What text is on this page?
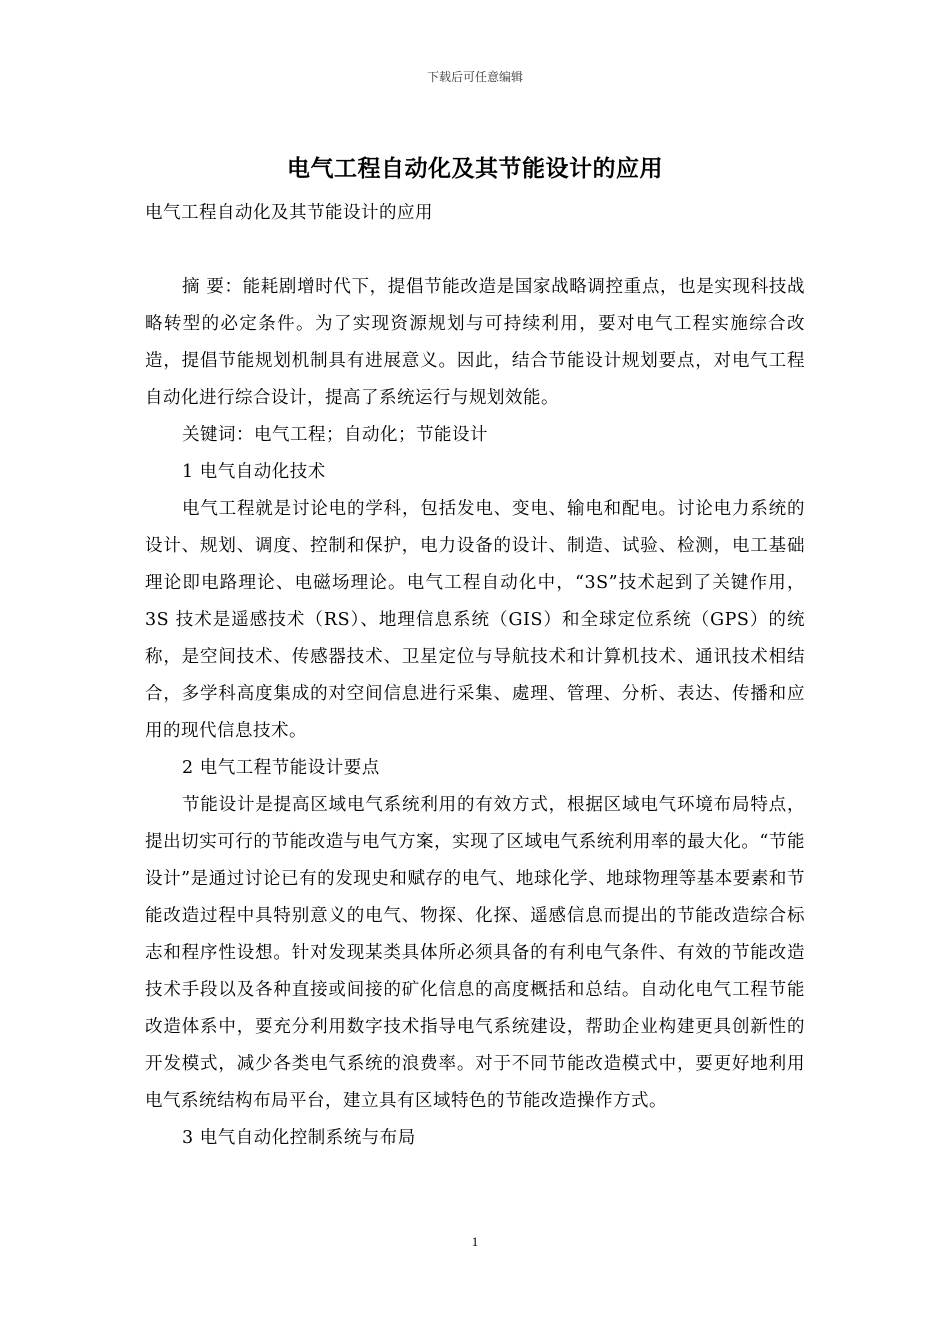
下载后可任意编辑
电气工程自动化及其节能设计的应用

电气工程自动化及其节能设计的应用

摘 要：能耗剧增时代下，提倡节能改造是国家战略调控重点，也是实现科技战略转型的必定条件。为了实现资源规划与可持续利用，要对电气工程实施综合改造，提倡节能规划机制具有进展意义。因此，结合节能设计规划要点，对电气工程自动化进行综合设计，提高了系统运行与规划效能。

关键词：电气工程；自动化；节能设计

1 电气自动化技术

电气工程就是讨论电的学科，包括发电、变电、输电和配电。讨论电力系统的设计、规划、调度、控制和保护，电力设备的设计、制造、试验、检测，电工基础理论即电路理论、电磁场理论。电气工程自动化中，“3S”技术起到了关键作用，3S 技术是遥感技术（RS）、地理信息系统（GIS）和全球定位系统（GPS）的统称，是空间技术、传感器技术、卫星定位与导航技术和计算机技术、通讯技术相结合，多学科高度集成的对空间信息进行采集、處理、管理、分析、表达、传播和应用的现代信息技术。

2 电气工程节能设计要点

节能设计是提高区域电气系统利用的有效方式，根据区域电气环境布局特点，提出切实可行的节能改造与电气方案，实现了区域电气系统利用率的最大化。“节能设计”是通过讨论已有的发现史和赋存的电气、地球化学、地球物理等基本要素和节能改造过程中具特别意义的电气、物探、化探、遥感信息而提出的节能改造综合标志和程序性设想。针对发现某类具体所必须具备的有利电气条件、有效的节能改造技术手段以及各种直接或间接的矿化信息的高度概括和总结。自动化电气工程节能改造体系中，要充分利用数字技术指导电气系统建设，帮助企业构建更具创新性的开发模式，减少各类电气系统的浪费率。对于不同节能改造模式中，要更好地利用电气系统结构布局平台，建立具有区域特色的节能改造操作方式。

3 电气自动化控制系统与布局

1
